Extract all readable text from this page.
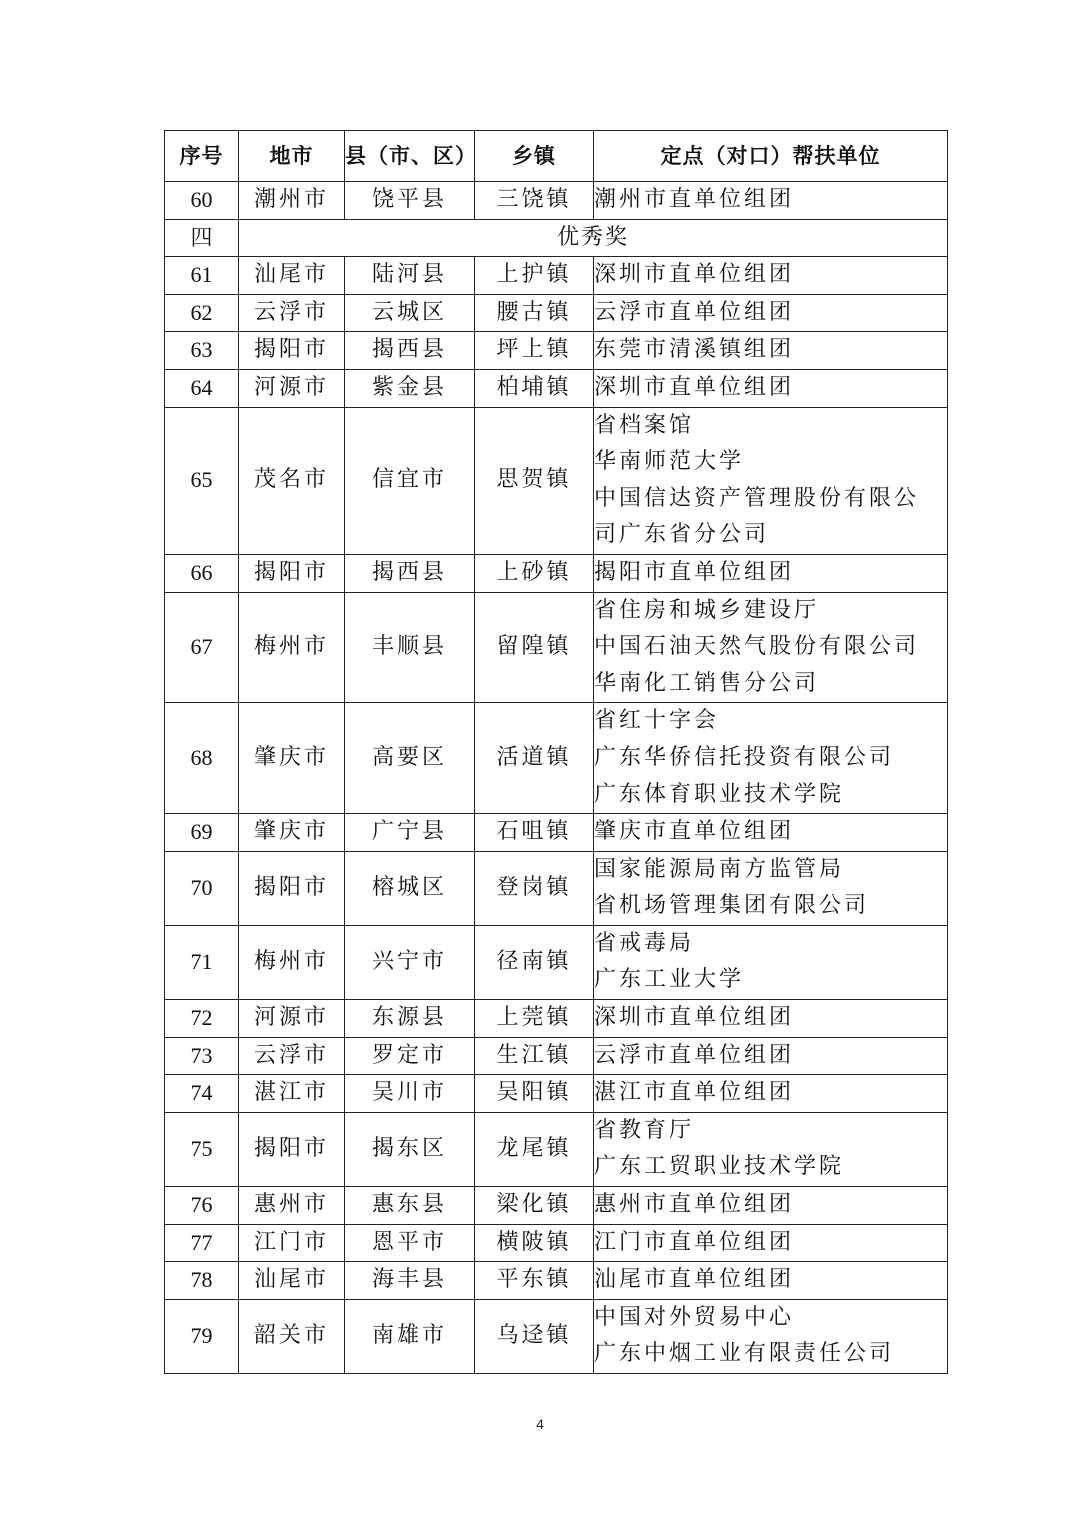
序号	地市	县（市、区）	乡镇	定点（对口）帮扶单位
60	潮州市	饶平县	三饶镇	潮州市直单位组团

四	优秀奖			
61	汕尾市	陆河县	上护镇	深圳市直单位组团

62	云浮市	云城区	腰古镇	云浮市直单位组团

63	揭阳市	揭西县	坪上镇	东莞市清溪镇组团

64	河源市	紫金县	柏埔镇	深圳市直单位组团

65	茂名市	信宜市	思贺镇	省档案馆
华南师范大学
中国信达资产管理股份有限公
司广东省分公司

66	揭阳市	揭西县	上砂镇	揭阳市直单位组团

67	梅州市	丰顺县	留隍镇	省住房和城乡建设厅
中国石油天然气股份有限公司
华南化工销售分公司

68	肇庆市	高要区	活道镇	省红十字会
广东华侨信托投资有限公司
广东体育职业技术学院

69	肇庆市	广宁县	石咀镇	肇庆市直单位组团

70	揭阳市	榕城区	登岗镇	国家能源局南方监管局
省机场管理集团有限公司

71	梅州市	兴宁市	径南镇	省戒毒局
广东工业大学

72	河源市	东源县	上莞镇	深圳市直单位组团

73	云浮市	罗定市	生江镇	云浮市直单位组团

74	湛江市	吴川市	吴阳镇	湛江市直单位组团

75	揭阳市	揭东区	龙尾镇	省教育厅
广东工贸职业技术学院

76	惠州市	惠东县	梁化镇	惠州市直单位组团

77	江门市	恩平市	横陂镇	江门市直单位组团

78	汕尾市	海丰县	平东镇	汕尾市直单位组团

79	韶关市	南雄市	乌迳镇	中国对外贸易中心
广东中烟工业有限责任公司
4
